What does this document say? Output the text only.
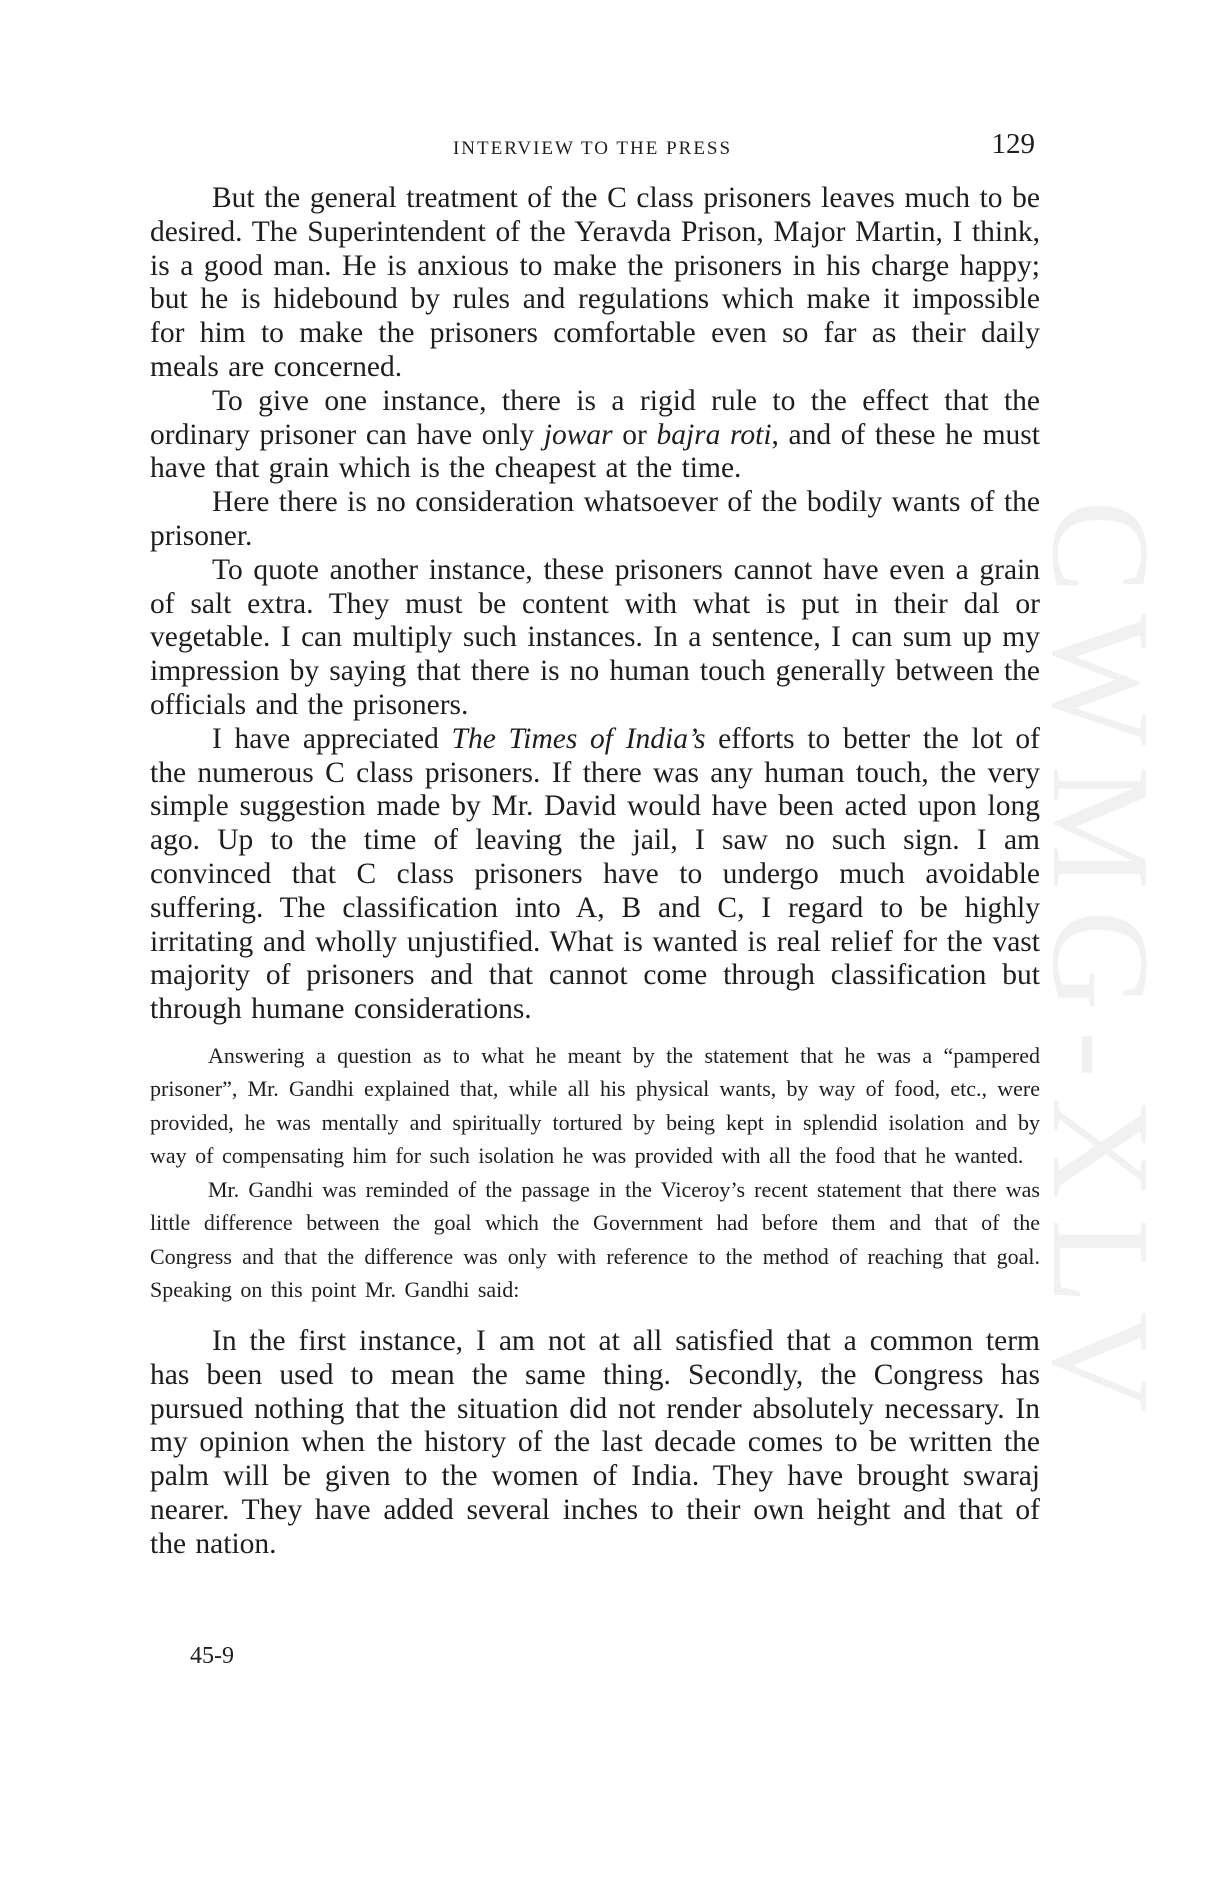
CWMG-XLV
INTERVIEW TO THE PRESS	129

But the general treatment of the C class prisoners leaves much to be desired. The Superintendent of the Yeravda Prison, Major Martin, I think, is a good man. He is anxious to make the prisoners in his charge happy; but he is hidebound by rules and regulations which make it impossible for him to make the prisoners comfortable even so far as their daily meals are concerned.

To give one instance, there is a rigid rule to the effect that the ordinary prisoner can have only jowar or bajra roti, and of these he must have that grain which is the cheapest at the time.

Here there is no consideration whatsoever of the bodily wants of the prisoner.

To quote another instance, these prisoners cannot have even a grain of salt extra. They must be content with what is put in their dal or vegetable. I can multiply such instances. In a sentence, I can sum up my impression by saying that there is no human touch generally between the officials and the prisoners.

I have appreciated The Times of India’s efforts to better the lot of the numerous C class prisoners. If there was any human touch, the very simple suggestion made by Mr. David would have been acted upon long ago. Up to the time of leaving the jail, I saw no such sign. I am convinced that C class prisoners have to undergo much avoidable suffering. The classification into A, B and C, I regard to be highly irritating and wholly unjustified. What is wanted is real relief for the vast majority of prisoners and that cannot come through classification but through humane considerations.

Answering a question as to what he meant by the statement that he was a “pampered prisoner”, Mr. Gandhi explained that, while all his physical wants, by way of food, etc., were provided, he was mentally and spiritually tortured by being kept in splendid isolation and by way of compensating him for such isolation he was provided with all the food that he wanted.

Mr. Gandhi was reminded of the passage in the Viceroy’s recent statement that there was little difference between the goal which the Government had before them and that of the Congress and that the difference was only with reference to the method of reaching that goal. Speaking on this point Mr. Gandhi said:

In the first instance, I am not at all satisfied that a common term has been used to mean the same thing. Secondly, the Congress has pursued nothing that the situation did not render absolutely necessary. In my opinion when the history of the last decade comes to be written the palm will be given to the women of India. They have brought swaraj nearer. They have added several inches to their own height and that of the nation.

45-9
